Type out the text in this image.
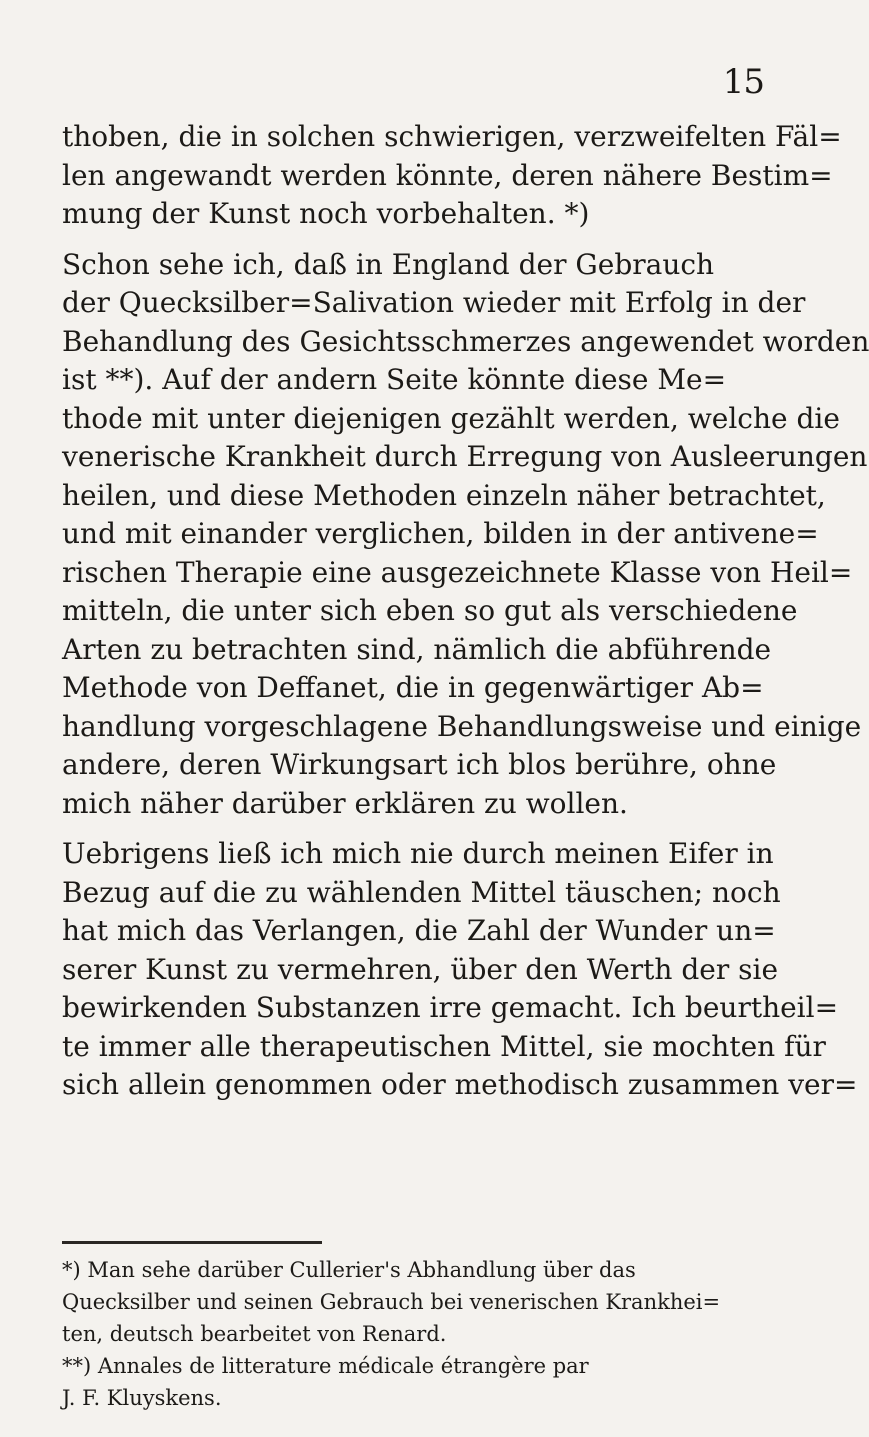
15
thoben, die in solchen schwierigen, verzweifelten Fäl=
len angewandt werden könnte, deren nähere Bestim=
mung der Kunst noch vorbehalten. *)
Schon sehe ich, daß in England der Gebrauch
der Quecksilber=Salivation wieder mit Erfolg in der
Behandlung des Gesichtsschmerzes angewendet worden
ist **). Auf der andern Seite könnte diese Me=
thode mit unter diejenigen gezählt werden, welche die
venerische Krankheit durch Erregung von Ausleerungen
heilen, und diese Methoden einzeln näher betrachtet,
und mit einander verglichen, bilden in der antivene=
rischen Therapie eine ausgezeichnete Klasse von Heil=
mitteln, die unter sich eben so gut als verschiedene
Arten zu betrachten sind, nämlich die abführende
Methode von Deffanet, die in gegenwärtiger Ab=
handlung vorgeschlagene Behandlungsweise und einige
andere, deren Wirkungsart ich blos berühre, ohne
mich näher darüber erklären zu wollen.
Uebrigens ließ ich mich nie durch meinen Eifer in
Bezug auf die zu wählenden Mittel täuschen; noch
hat mich das Verlangen, die Zahl der Wunder un=
serer Kunst zu vermehren, über den Werth der sie
bewirkenden Substanzen irre gemacht. Ich beurtheil=
te immer alle therapeutischen Mittel, sie mochten für
sich allein genommen oder methodisch zusammen ver=
*) Man sehe darüber Cullerier's Abhandlung über das
Quecksilber und seinen Gebrauch bei venerischen Krankhei=
ten, deutsch bearbeitet von Renard.
**) Annales de litterature médicale étrangère par
J. F. Kluyskens.
